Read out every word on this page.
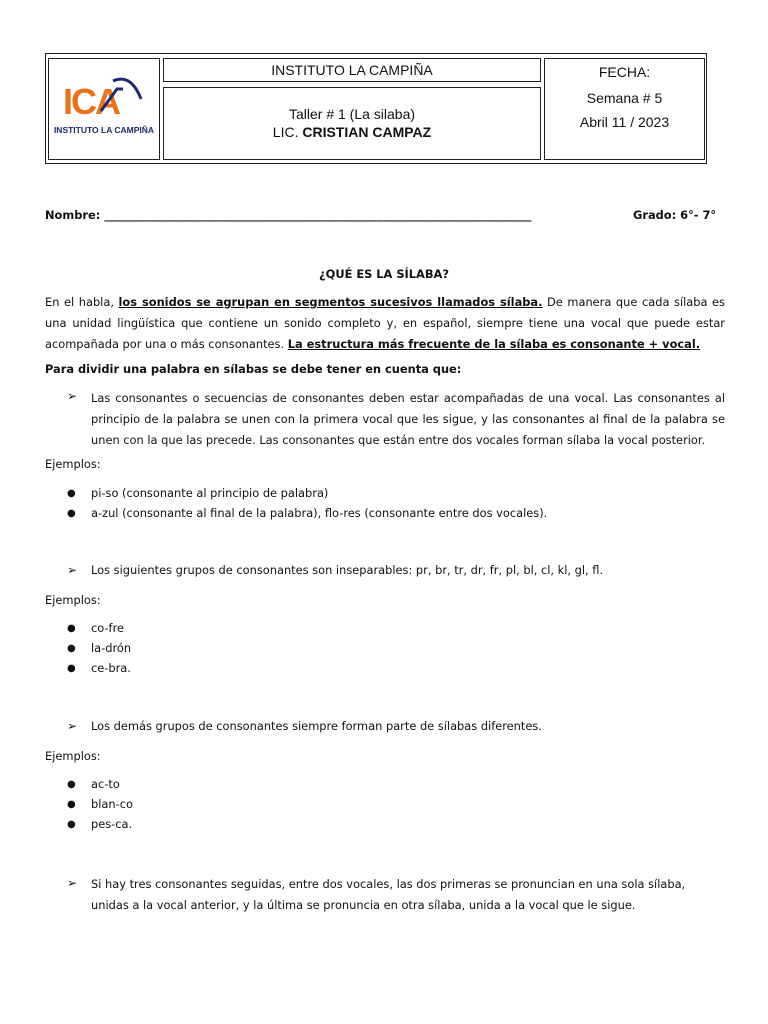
ICA
INSTITUTO LA CAMPIÑA
INSTITUTO LA CAMPIÑA
Taller # 1 (La silaba)
LIC. CRISTIAN CAMPAZ
FECHA:
Semana # 5
Abril 11 / 2023
Nombre: ___________________________________________________________________________	Grado: 6°- 7°
¿QUÉ ES LA SÍLABA?
En el habla, los sonidos se agrupan en segmentos sucesivos llamados sílaba. De manera que cada sílaba es una unidad lingüística que contiene un sonido completo y, en español, siempre tiene una vocal que puede estar acompañada por una o más consonantes. La estructura más frecuente de la sílaba es consonante + vocal.
Para dividir una palabra en sílabas se debe tener en cuenta que:
➢ Las consonantes o secuencias de consonantes deben estar acompañadas de una vocal. Las consonantes al principio de la palabra se unen con la primera vocal que les sigue, y las consonantes al final de la palabra se unen con la que las precede. Las consonantes que están entre dos vocales forman sílaba la vocal posterior.
Ejemplos:
● pi-so (consonante al principio de palabra)
● a-zul (consonante al final de la palabra), flo-res (consonante entre dos vocales).
➢ Los siguientes grupos de consonantes son inseparables: pr, br, tr, dr, fr, pl, bl, cl, kl, gl, fl.
Ejemplos:
● co-fre
● la-drón
● ce-bra.
➢ Los demás grupos de consonantes siempre forman parte de sílabas diferentes.
Ejemplos:
● ac-to
● blan-co
● pes-ca.
➢ Si hay tres consonantes seguidas, entre dos vocales, las dos primeras se pronuncian en una sola sílaba, unidas a la vocal anterior, y la última se pronuncia en otra sílaba, unida a la vocal que le sigue.
